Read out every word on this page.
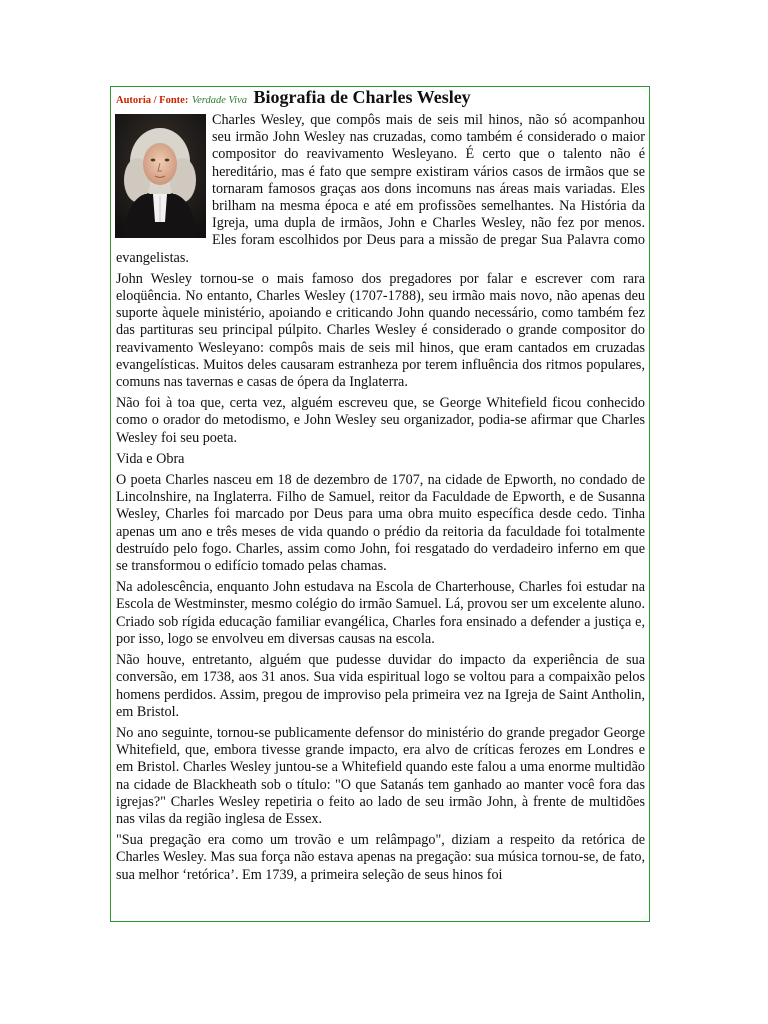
Autoria / Fonte: Verdade Viva Biografia de Charles Wesley

Charles Wesley, que compôs mais de seis mil hinos, não só acompanhou seu irmão John Wesley nas cruzadas, como também é considerado o maior compositor do reavivamento Wesleyano. É certo que o talento não é hereditário, mas é fato que sempre existiram vários casos de irmãos que se tornaram famosos graças aos dons incomuns nas áreas mais variadas. Eles brilham na mesma época e até em profissões semelhantes. Na História da Igreja, uma dupla de irmãos, John e Charles Wesley, não fez por menos. Eles foram escolhidos por Deus para a missão de pregar Sua Palavra como evangelistas.

John Wesley tornou-se o mais famoso dos pregadores por falar e escrever com rara eloqüência. No entanto, Charles Wesley (1707-1788), seu irmão mais novo, não apenas deu suporte àquele ministério, apoiando e criticando John quando necessário, como também fez das partituras seu principal púlpito. Charles Wesley é considerado o grande compositor do reavivamento Wesleyano: compôs mais de seis mil hinos, que eram cantados em cruzadas evangelísticas. Muitos deles causaram estranheza por terem influência dos ritmos populares, comuns nas tavernas e casas de ópera da Inglaterra.

Não foi à toa que, certa vez, alguém escreveu que, se George Whitefield ficou conhecido como o orador do metodismo, e John Wesley seu organizador, podia-se afirmar que Charles Wesley foi seu poeta.

Vida e Obra

O poeta Charles nasceu em 18 de dezembro de 1707, na cidade de Epworth, no condado de Lincolnshire, na Inglaterra. Filho de Samuel, reitor da Faculdade de Epworth, e de Susanna Wesley, Charles foi marcado por Deus para uma obra muito específica desde cedo. Tinha apenas um ano e três meses de vida quando o prédio da reitoria da faculdade foi totalmente destruído pelo fogo. Charles, assim como John, foi resgatado do verdadeiro inferno em que se transformou o edifício tomado pelas chamas.

Na adolescência, enquanto John estudava na Escola de Charterhouse, Charles foi estudar na Escola de Westminster, mesmo colégio do irmão Samuel. Lá, provou ser um excelente aluno. Criado sob rígida educação familiar evangélica, Charles fora ensinado a defender a justiça e, por isso, logo se envolveu em diversas causas na escola.

Não houve, entretanto, alguém que pudesse duvidar do impacto da experiência de sua conversão, em 1738, aos 31 anos. Sua vida espiritual logo se voltou para a compaixão pelos homens perdidos. Assim, pregou de improviso pela primeira vez na Igreja de Saint Antholin, em Bristol.

No ano seguinte, tornou-se publicamente defensor do ministério do grande pregador George Whitefield, que, embora tivesse grande impacto, era alvo de críticas ferozes em Londres e em Bristol. Charles Wesley juntou-se a Whitefield quando este falou a uma enorme multidão na cidade de Blackheath sob o título: "O que Satanás tem ganhado ao manter você fora das igrejas?" Charles Wesley repetiria o feito ao lado de seu irmão John, à frente de multidões nas vilas da região inglesa de Essex.

"Sua pregação era como um trovão e um relâmpago", diziam a respeito da retórica de Charles Wesley. Mas sua força não estava apenas na pregação: sua música tornou-se, de fato, sua melhor ‘retórica’. Em 1739, a primeira seleção de seus hinos foi
